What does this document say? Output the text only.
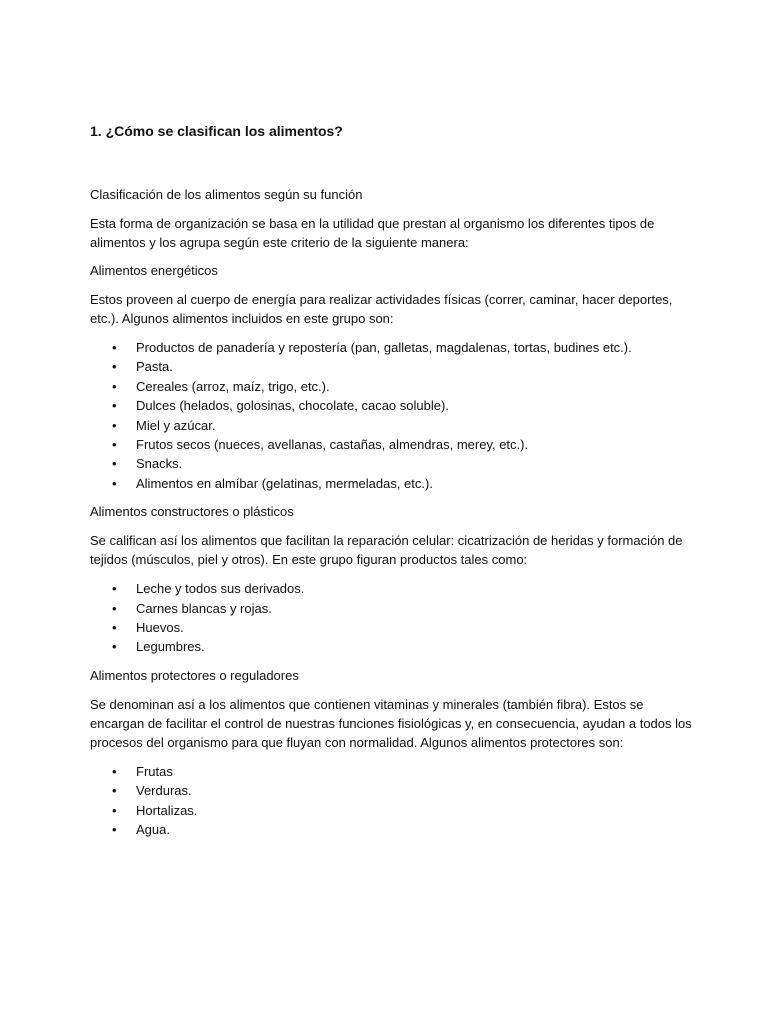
1. ¿Cómo se clasifican los alimentos?
Clasificación de los alimentos según su función

Esta forma de organización se basa en la utilidad que prestan al organismo los diferentes tipos de alimentos y los agrupa según este criterio de la siguiente manera:

Alimentos energéticos

Estos proveen al cuerpo de energía para realizar actividades físicas (correr, caminar, hacer deportes, etc.). Algunos alimentos incluidos en este grupo son:

• Productos de panadería y repostería (pan, galletas, magdalenas, tortas, budines etc.).
• Pasta.
• Cereales (arroz, maíz, trigo, etc.).
• Dulces (helados, golosinas, chocolate, cacao soluble).
• Miel y azúcar.
• Frutos secos (nueces, avellanas, castañas, almendras, merey, etc.).
• Snacks.
• Alimentos en almíbar (gelatinas, mermeladas, etc.).
Alimentos constructores o plásticos

Se califican así los alimentos que facilitan la reparación celular: cicatrización de heridas y formación de tejidos (músculos, piel y otros). En este grupo figuran productos tales como:

• Leche y todos sus derivados.
• Carnes blancas y rojas.
• Huevos.
• Legumbres.
Alimentos protectores o reguladores

Se denominan así a los alimentos que contienen vitaminas y minerales (también fibra). Estos se encargan de facilitar el control de nuestras funciones fisiológicas y, en consecuencia, ayudan a todos los procesos del organismo para que fluyan con normalidad. Algunos alimentos protectores son:

• Frutas
• Verduras.
• Hortalizas.
• Agua.
